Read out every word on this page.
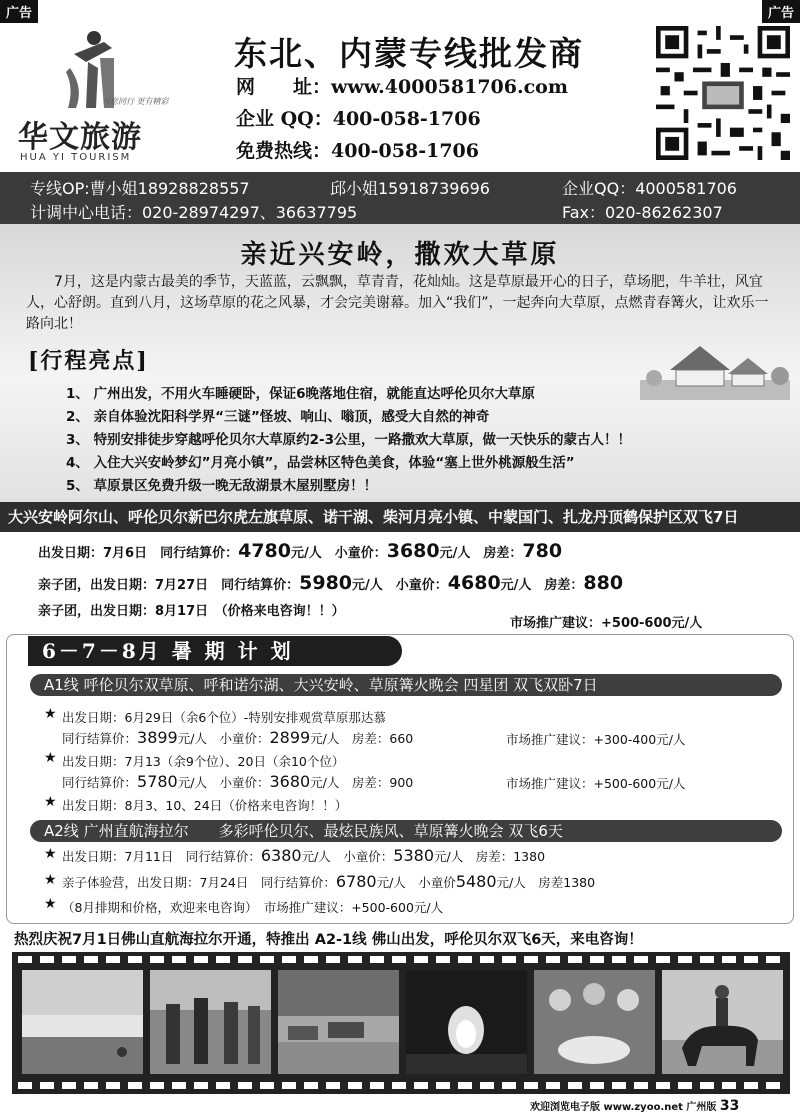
广告	广告
与您同行 更有精彩
华文旅游
HUA YI TOURISM
东北、内蒙专线批发商
网　　址：www.4000581706.com
企业 QQ：400-058-1706
免费热线：400-058-1706
专线OP:曹小姐18928828557	邱小姐15918739696	企业QQ：4000581706
计调中心电话：020-28974297、36637795	Fax：020-86262307
亲近兴安岭，撒欢大草原
7月，这是内蒙古最美的季节，天蓝蓝，云飘飘，草青青，花灿灿。这是草原最开心的日子，草场肥，牛羊壮，风宜人，心舒朗。直到八月，这场草原的花之风暴，才会完美谢幕。加入“我们”，一起奔向大草原，点燃青春篝火，让欢乐一路向北！
[行程亮点]
1、 广州出发，不用火车睡硬卧，保证6晚落地住宿，就能直达呼伦贝尔大草原
2、 亲自体验沈阳科学界“三谜”怪坡、响山、嗡顶，感受大自然的神奇
3、 特别安排徒步穿越呼伦贝尔大草原约2-3公里，一路撒欢大草原，做一天快乐的蒙古人！！
4、 入住大兴安岭梦幻”月亮小镇”，品尝林区特色美食，体验“塞上世外桃源般生活”
5、 草原景区免费升级一晚无敌湖景木屋别墅房！！
大兴安岭阿尔山、呼伦贝尔新巴尔虎左旗草原、诺干湖、柴河月亮小镇、中蒙国门、扎龙丹顶鹤保护区双飞7日
出发日期：7月6日　同行结算价：4780元/人　小童价：3680元/人　房差：780
亲子团，出发日期：7月27日　同行结算价：5980元/人　小童价：4680元/人　房差：880
亲子团，出发日期：8月17日　（价格来电咨询！！）
市场推广建议：+500-600元/人
6－7－8月 暑 期 计 划
A1线 呼伦贝尔双草原、呼和诺尔湖、大兴安岭、草原篝火晚会 四星团 双飞双卧7日
★ 出发日期：6月29日（余6个位）-特别安排观赏草原那达慕
同行结算价：3899元/人　小童价：2899元/人　房差：660	市场推广建议：+300-400元/人
★ 出发日期：7月13（余9个位）、20日（余10个位）
同行结算价：5780元/人　小童价：3680元/人　房差：900	市场推广建议：+500-600元/人
★ 出发日期：8月3、10、24日（价格来电咨询！！）
A2线 广州直航海拉尔　　多彩呼伦贝尔、最炫民族风、草原篝火晚会 双飞6天
★ 出发日期：7月11日　同行结算价：6380元/人　小童价：5380元/人　房差：1380
★ 亲子体验营，出发日期：7月24日　同行结算价：6780元/人　小童价5480元/人　房差1380
★ （8月排期和价格，欢迎来电咨询）　市场推广建议：+500-600元/人
热烈庆祝7月1日佛山直航海拉尔开通，特推出 A2-1线 佛山出发，呼伦贝尔双飞6天，来电咨询！
欢迎浏览电子版 www.zyoo.net 广州版 33
